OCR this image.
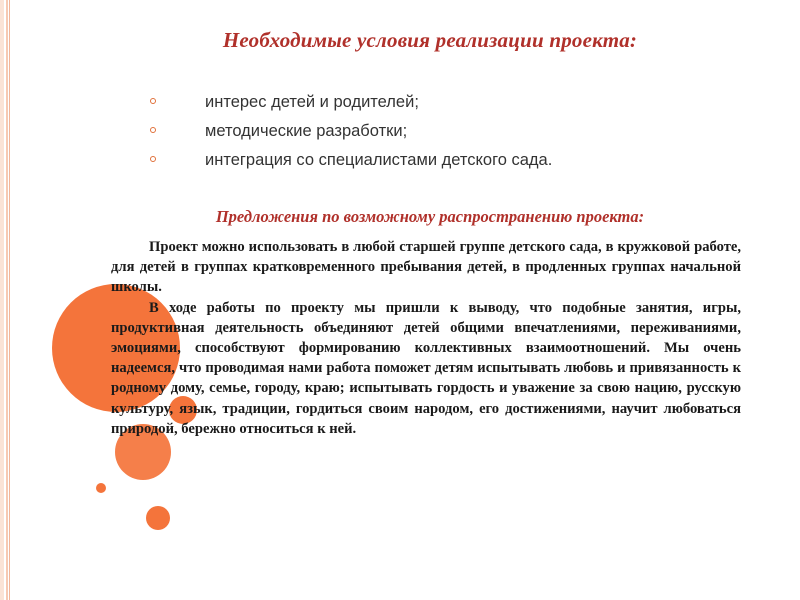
Необходимые условия реализации проекта:
интерес детей и родителей;
методические разработки;
интеграция со специалистами детского сада.
Предложения по возможному распространению проекта:

Проект можно использовать в любой старшей группе детского сада, в кружковой работе, для детей в группах кратковременного пребывания детей, в продленных группах начальной школы.

В ходе работы по проекту мы пришли к выводу, что подобные занятия, игры, продуктивная деятельность объединяют детей общими впечатлениями, переживаниями, эмоциями, способствуют формированию коллективных взаимоотношений. Мы очень надеемся, что проводимая нами работа поможет детям испытывать любовь и привязанность к родному дому, семье, городу, краю; испытывать гордость и уважение за свою нацию, русскую культуру, язык, традиции, гордиться своим народом, его достижениями, научит любоваться природой, бережно относиться к ней.
